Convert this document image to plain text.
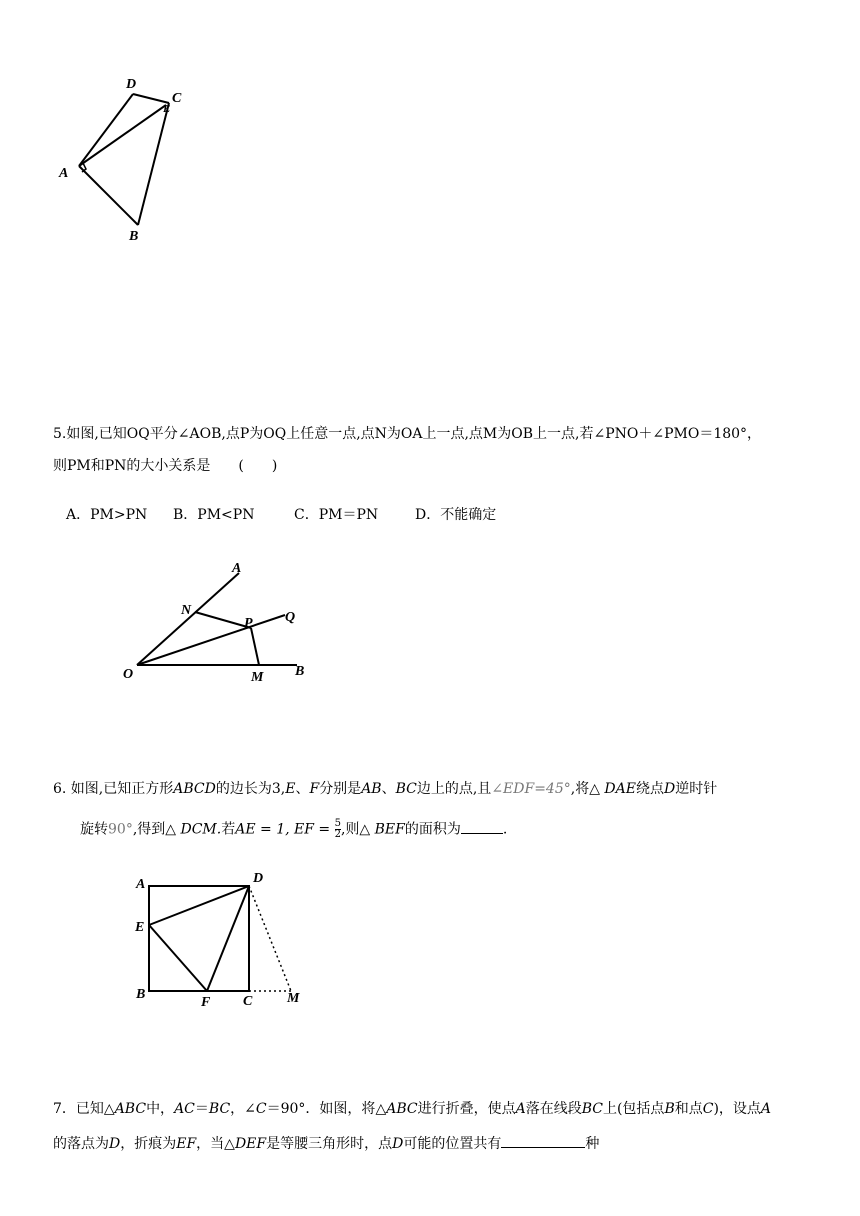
D
C
E
A
B
5.如图,已知OQ平分∠AOB,点P为OQ上任意一点,点N为OA上一点,点M为OB上一点,若∠PNO＋∠PMO＝180°，
则PM和PN的大小关系是　　(　　)
A．PM>PN B．PM<PN	C．PM＝PN	D．不能确定
A
N
P Q
O	M B
6. 如图,已知正方形ABCD的边长为3,E、F分别是AB、BC边上的点,且∠EDF=45°,将△ DAE绕点D逆时针
旋转90°,得到△ DCM.若AE = 1, EF = $\frac{5}{2}$ ,则△ BEF的面积为	.
A	D
E
B
F C M
7．已知△ABC中，AC＝BC，∠C＝90°．如图，将△ABC进行折叠，使点A落在线段BC上(包括点B和点C)，设点A
的落点为D，折痕为EF，当△DEF是等腰三角形时，点D可能的位置共有	种
